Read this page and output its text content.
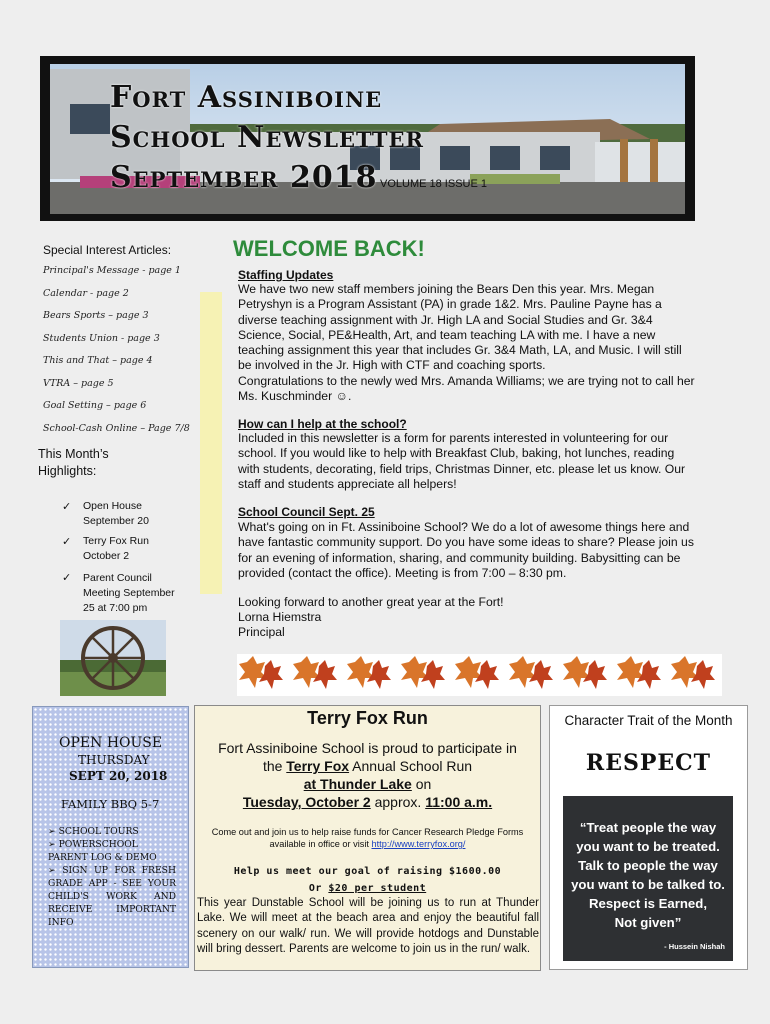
Fort Assiniboine
School Newsletter
September 2018 VOLUME 18 ISSUE 1
Special Interest Articles:
Principal's Message - page 1
Calendar - page 2
Bears Sports – page 3
Students Union - page 3
This and That – page 4
VTRA – page 5
Goal Setting – page 6
School-Cash Online – Page 7/8
This Month’s Highlights:
✓ Open House September 20
✓ Terry Fox Run October 2
✓ Parent Council Meeting September 25 at 7:00 pm
WELCOME BACK!
Staffing Updates
We have two new staff members joining the Bears Den this year. Mrs. Megan Petryshyn is a Program Assistant (PA) in grade 1&2. Mrs. Pauline Payne has a diverse teaching assignment with Jr. High LA and Social Studies and Gr. 3&4 Science, Social, PE&Health, Art, and team teaching LA with me. I have a new teaching assignment this year that includes Gr. 3&4 Math, LA, and Music. I will still be involved in the Jr. High with CTF and coaching sports.
Congratulations to the newly wed Mrs. Amanda Williams; we are trying not to call her Ms. Kuschminder ☺.
How can I help at the school?
Included in this newsletter is a form for parents interested in volunteering for our school. If you would like to help with Breakfast Club, baking, hot lunches, reading with students, decorating, field trips, Christmas Dinner, etc. please let us know. Our staff and students appreciate all helpers!
School Council Sept. 25
What's going on in Ft. Assiniboine School? We do a lot of awesome things here and have fantastic community support. Do you have some ideas to share? Please join us for an evening of information, sharing, and community building. Babysitting can be provided (contact the office). Meeting is from 7:00 – 8:30 pm.
Looking forward to another great year at the Fort!
Lorna Hiemstra
Principal
OPEN HOUSE
THURSDAY
SEPT 20, 2018
FAMILY BBQ 5-7
➢ SCHOOL TOURS
➢ POWERSCHOOL PARENT LOG & DEMO
➢ SIGN UP FOR FRESH GRADE APP - SEE YOUR CHILD'S WORK AND RECEIVE IMPORTANT INFO
Terry Fox Run
Fort Assiniboine School is proud to participate in
the Terry Fox Annual School Run
at Thunder Lake on
Tuesday, October 2 approx. 11:00 a.m.
Come out and join us to help raise funds for Cancer Research Pledge Forms
available in office or visit http://www.terryfox.org/
Help us meet our goal of raising $1600.00
Or $20 per student
This year Dunstable School will be joining us to run at Thunder Lake. We will meet at the beach area and enjoy the beautiful fall scenery on our walk/ run. We will provide hotdogs and Dunstable will bring dessert. Parents are welcome to join us in the run/ walk.
Character Trait of the Month
RESPECT
“Treat people the way
you want to be treated.
Talk to people the way
you want to be talked to.
Respect is Earned,
Not given”
- Hussein Nishah
